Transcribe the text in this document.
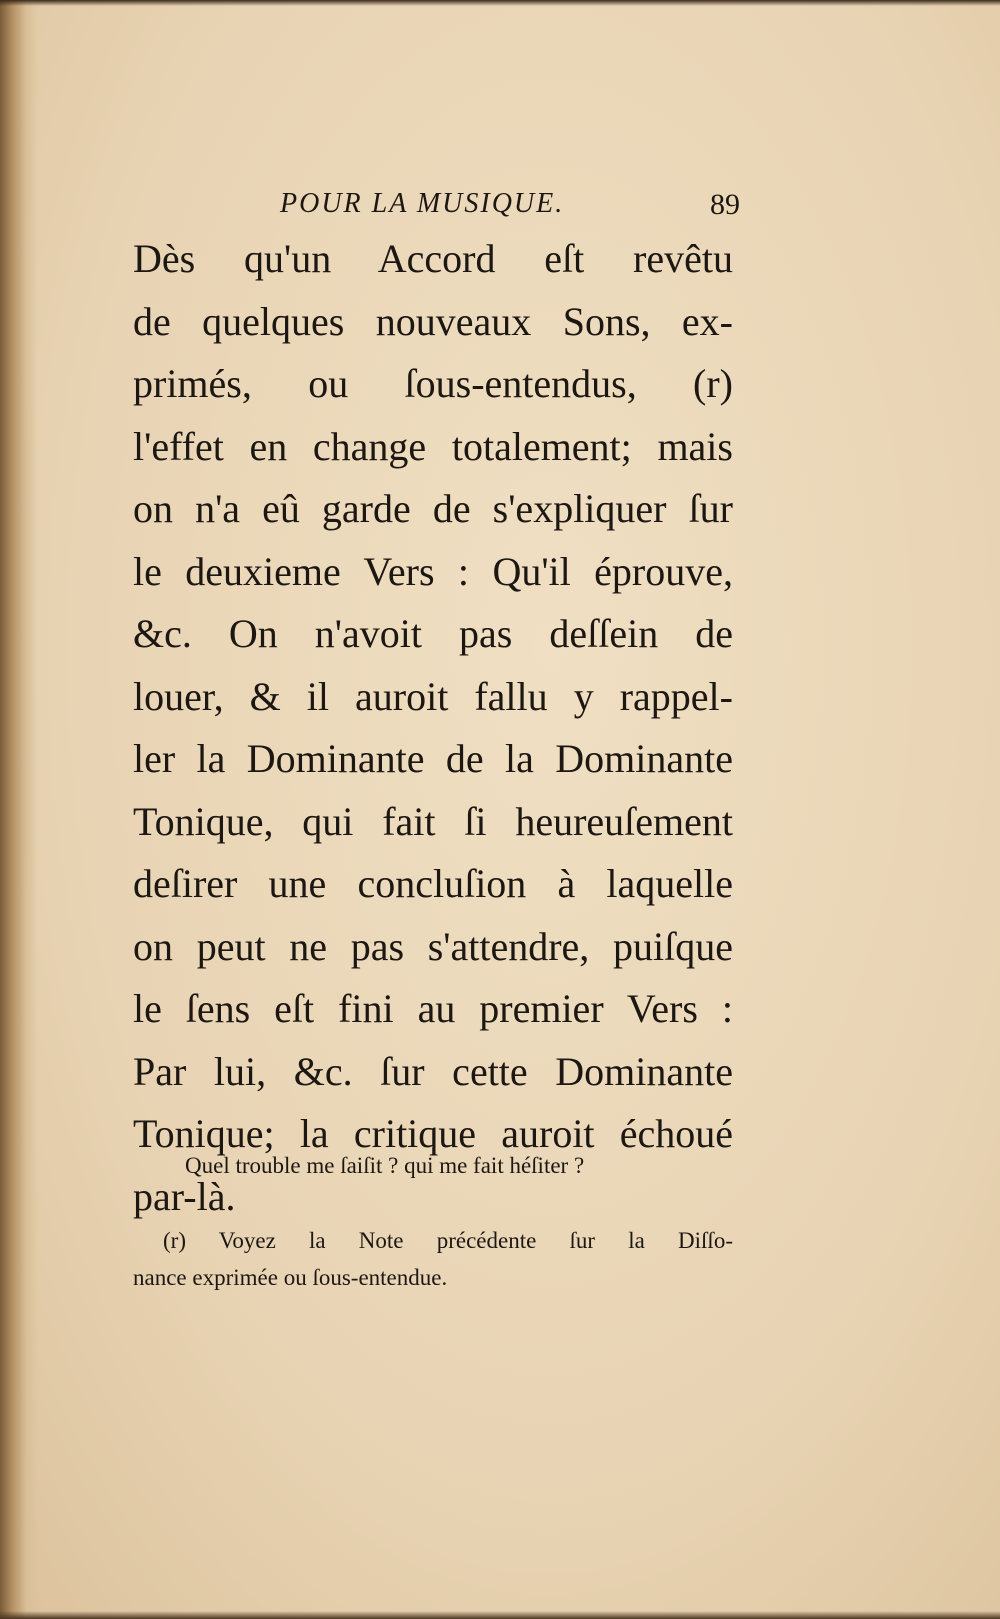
POUR LA MUSIQUE.	89
Dès qu'un Accord eſt revêtu
de quelques nouveaux Sons, ex-
primés, ou ſous-entendus, (r)
l'effet en change totalement; mais
on n'a eû garde de s'expliquer ſur
le deuxieme Vers : Qu'il éprouve,
&c. On n'avoit pas deſſein de
louer, & il auroit fallu y rappel-
ler la Dominante de la Dominante
Tonique, qui fait ſi heureuſement
deſirer une concluſion à laquelle
on peut ne pas s'attendre, puiſque
le ſens eſt fini au premier Vers :
Par lui, &c. ſur cette Dominante
Tonique; la critique auroit échoué
par-là.
Quel trouble me ſaiſit ? qui me fait héſiter ?
(r) Voyez la Note précédente ſur la Diſſo-
nance exprimée ou ſous-entendue.
